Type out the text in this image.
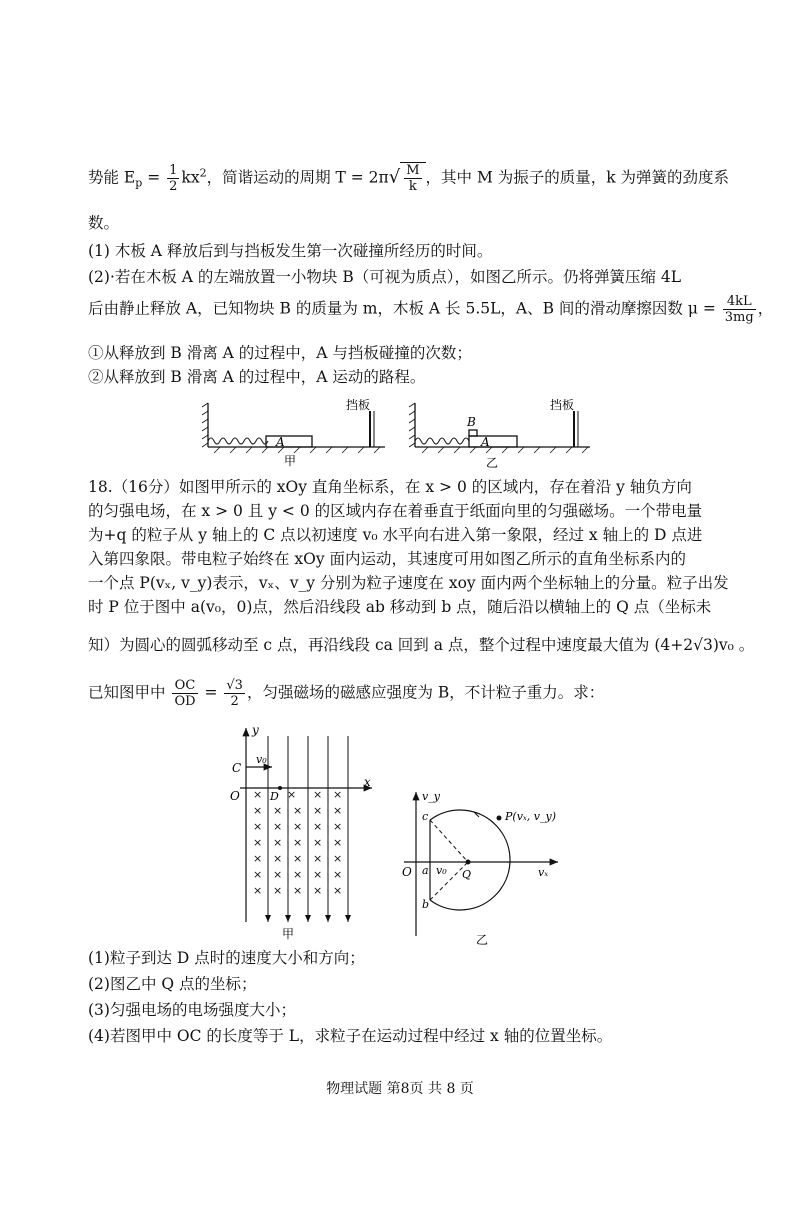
势能 $E_p = \frac{1}{2} kx^2$，简谐运动的周期 $T = 2\pi√ \frac{M}{k}$ ，其中 M 为振子的质量，k 为弹簧的劲度系
数。
(1) 木板 A 释放后到与挡板发生第一次碰撞所经历的时间。
(2)·若在木板 A 的左端放置一小物块 B（可视为质点），如图乙所示。仍将弹簧压缩 4L
后由静止释放 A，已知物块 B 的质量为 m，木板 A 长 5.5L，A、B 间的滑动摩擦因数 $\mu = \frac{4kL}{3mg}$ ，
①从释放到 B 滑离 A 的过程中，A 与挡板碰撞的次数；
②从释放到 B 滑离 A 的过程中，A 运动的路程。
A
挡板
甲
B
A
挡板
乙
18.（16分）如图甲所示的 xOy 直角坐标系，在 x > 0 的区域内，存在着沿 y 轴负方向
的匀强电场，在 x > 0 且 y < 0 的区域内存在着垂直于纸面向里的匀强磁场。一个带电量
为+q 的粒子从 y 轴上的 C 点以初速度 v₀ 水平向右进入第一象限，经过 x 轴上的 D 点进
入第四象限。带电粒子始终在 xOy 面内运动，其速度可用如图乙所示的直角坐标系内的
一个点 P(vₓ, v_y)表示，vₓ、v_y 分别为粒子速度在 xoy 面内两个坐标轴上的分量。粒子出发
时 P 位于图中 a(v₀，0)点，然后沿线段 ab 移动到 b 点，随后沿以横轴上的 Q 点（坐标未
知）为圆心的圆弧移动至 c 点，再沿线段 ca 回到 a 点，整个过程中速度最大值为 (4+2√3)v₀ 。
已知图甲中 $\frac{OC}{OD} = \frac{√3}{2}$ ，匀强磁场的磁感应强度为 B，不计粒子重力。求：
× × × ×
× × × × ×
× × × × ×
× × × × ×
× × × × ×
× × × × ×
× × × × ×
y
x
O
C
D
v₀
甲
v_y
vₓ
O a
b
c
Q
v₀
P(vₓ, v_y)
乙
(1)粒子到达 D 点时的速度大小和方向；
(2)图乙中 Q 点的坐标；
(3)匀强电场的电场强度大小；
(4)若图甲中 OC 的长度等于 L，求粒子在运动过程中经过 x 轴的位置坐标。
物理试题 第8页 共 8 页
